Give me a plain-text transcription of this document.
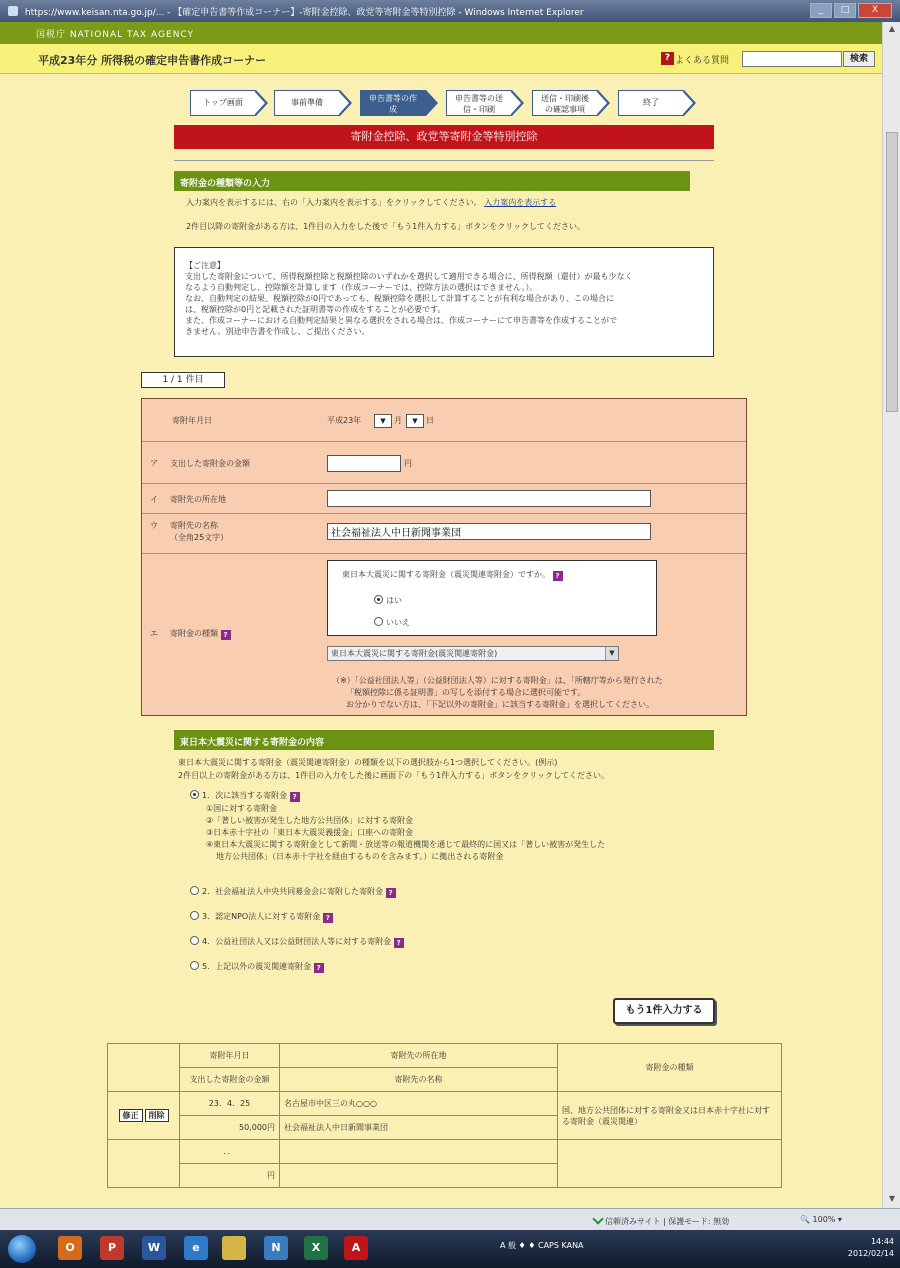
https://www.keisan.nta.go.jp/... - 【確定申告書等作成コーナー】-寄附金控除、政党等寄附金等特別控除 - Windows Internet Explorer	_	□	X
国税庁 NATIONAL TAX AGENCY
平成23年分 所得税の確定申告書作成コーナー	? よくある質問	検索
▲
▼
トップ画面	事前準備	申告書等の作成
申告書等の送信・印刷
送信・印刷後の確認事項
終了
寄附金控除、政党等寄附金等特別控除
寄附金の種類等の入力
入力案内を表示するには、右の「入力案内を表示する」をクリックしてください。 入力案内を表示する
2件目以降の寄附金がある方は、1件目の入力をした後で「もう1件入力する」ボタンをクリックしてください。
【ご注意】
支出した寄附金について、所得税額控除と税額控除のいずれかを選択して適用できる場合に、所得税額（還付）が最も少なく
なるよう自動判定し、控除額を計算します（作成コーナーでは、控除方法の選択はできません。）。
なお、自動判定の結果、税額控除が0円であっても、税額控除を選択して計算することが有利な場合があり、この場合に
は、税額控除が0円と記載された証明書等の作成をすることが必要です。
また、作成コーナーにおける自動判定結果と異なる選択をされる場合は、作成コーナーにて申告書等を作成することがで
きません。別途申告書を作成し、ご提出ください。
1 / 1 件目
寄附年月日	平成23年	▼	月	▼	日
ア 支出した寄附金の金額	円
イ 寄附先の所在地
ウ 寄附先の名称
（全角25文字）
社会福祉法人中日新聞事業団
エ 寄附金の種類 ?
東日本大震災に関する寄附金（震災関連寄附金）ですか。 ?
はい
いいえ
東日本大震災に関する寄附金(震災関連寄附金)	▼
（※）「公益社団法人等」（公益財団法人等）に対する寄附金」は、「所轄庁等から発行された
「税額控除に係る証明書」の写しを添付する場合に選択可能です。
お分かりでない方は、「下記以外の寄附金」に該当する寄附金」を選択してください。
東日本大震災に関する寄附金の内容
東日本大震災に関する寄附金（震災関連寄附金）の種類を以下の選択肢から1つ選択してください。(例示)
2件目以上の寄附金がある方は、1件目の入力をした後に画面下の「もう1件入力する」ボタンをクリックしてください。
1．次に該当する寄附金 ?
①国に対する寄附金
②「著しい被害が発生した地方公共団体」に対する寄附金
③日本赤十字社の「東日本大震災義援金」口座への寄附金
④東日本大震災に関する寄附金として新聞・放送等の報道機関を通じて最終的に国又は「著しい被害が発生した
地方公共団体」（日本赤十字社を経由するものを含みます。）に拠出される寄附金
2．社会福祉法人中央共同募金会に寄附した寄附金 ?
3．認定NPO法人に対する寄附金 ?
4．公益社団法人又は公益財団法人等に対する寄附金 ?
5．上記以外の震災関連寄附金 ?
もう1件入力する
	寄附年月日	寄附先の所在地	寄附金の種類
	支出した寄附金の金額	寄附先の名称	
修正 削除	23．4．25	名古屋市中区三の丸○○○	国、地方公共団体に対する寄附金又は日本赤十字社に対する寄附金（震災関連）
	50,000円	社会福祉法人中日新聞事業団	
	．．		
	円		
信頼済みサイト | 保護モード: 無効	🔍 100% ▾
O	P	W	e	N	X	A	A 般 ♦ ♦ CAPS KANA	14:44
2012/02/14
